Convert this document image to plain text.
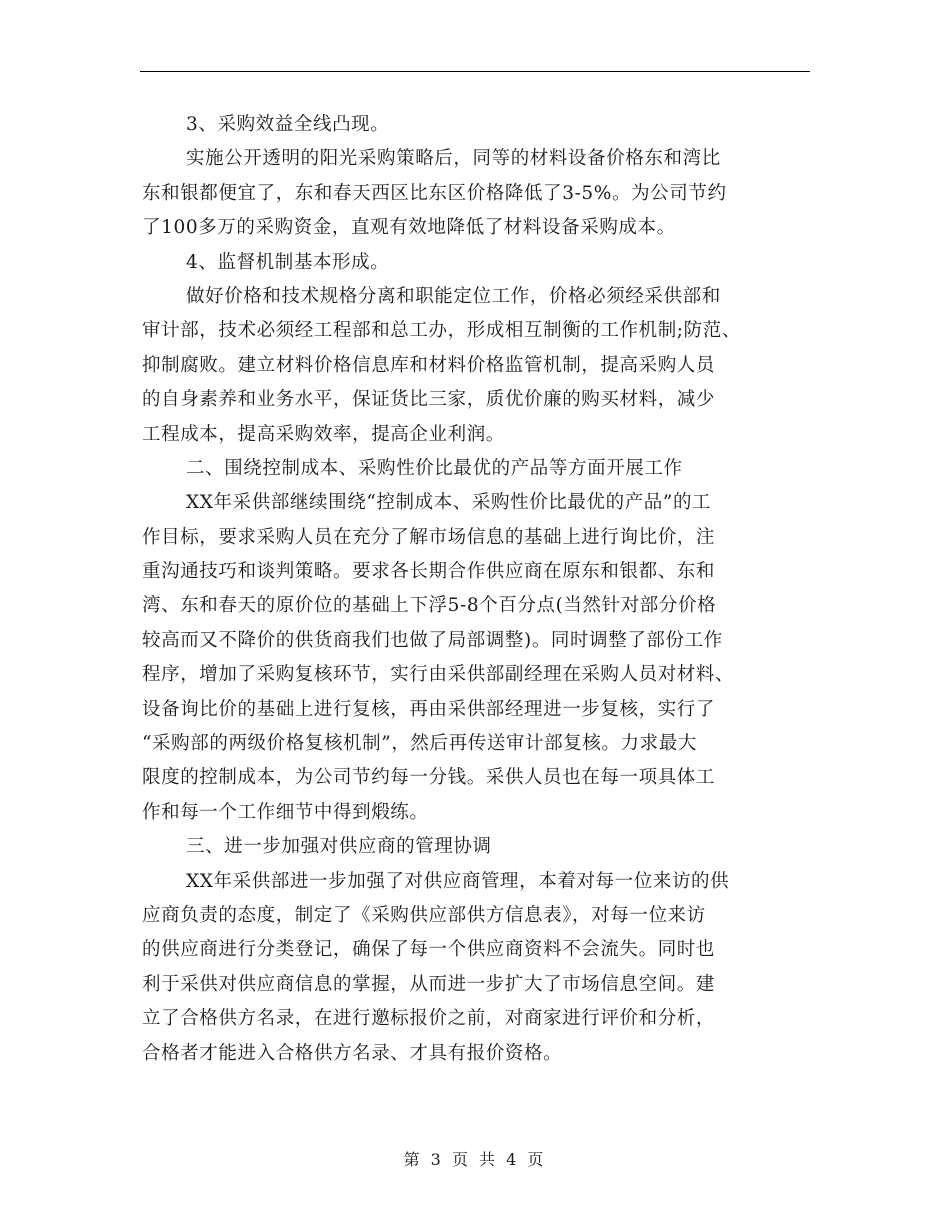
3、采购效益全线凸现。
实施公开透明的阳光采购策略后，同等的材料设备价格东和湾比
东和银都便宜了，东和春天西区比东区价格降低了3-5%。为公司节约
了100多万的采购资金，直观有效地降低了材料设备采购成本。
4、监督机制基本形成。
做好价格和技术规格分离和职能定位工作，价格必须经采供部和
审计部，技术必须经工程部和总工办，形成相互制衡的工作机制;防范、
抑制腐败。建立材料价格信息库和材料价格监管机制，提高采购人员
的自身素养和业务水平，保证货比三家，质优价廉的购买材料，减少
工程成本，提高采购效率，提高企业利润。
二、围绕控制成本、采购性价比最优的产品等方面开展工作
XX年采供部继续围绕“控制成本、采购性价比最优的产品”的工
作目标，要求采购人员在充分了解市场信息的基础上进行询比价，注
重沟通技巧和谈判策略。要求各长期合作供应商在原东和银都、东和
湾、东和春天的原价位的基础上下浮5-8个百分点(当然针对部分价格
较高而又不降价的供货商我们也做了局部调整)。同时调整了部份工作
程序，增加了采购复核环节，实行由采供部副经理在采购人员对材料、
设备询比价的基础上进行复核，再由采供部经理进一步复核，实行了
“采购部的两级价格复核机制”，然后再传送审计部复核。力求最大
限度的控制成本，为公司节约每一分钱。采供人员也在每一项具体工
作和每一个工作细节中得到煅练。
三、进一步加强对供应商的管理协调
XX年采供部进一步加强了对供应商管理，本着对每一位来访的供
应商负责的态度，制定了《采购供应部供方信息表》，对每一位来访
的供应商进行分类登记，确保了每一个供应商资料不会流失。同时也
利于采供对供应商信息的掌握，从而进一步扩大了市场信息空间。建
立了合格供方名录，在进行邀标报价之前，对商家进行评价和分析，
合格者才能进入合格供方名录、才具有报价资格。
第 3 页 共 4 页
